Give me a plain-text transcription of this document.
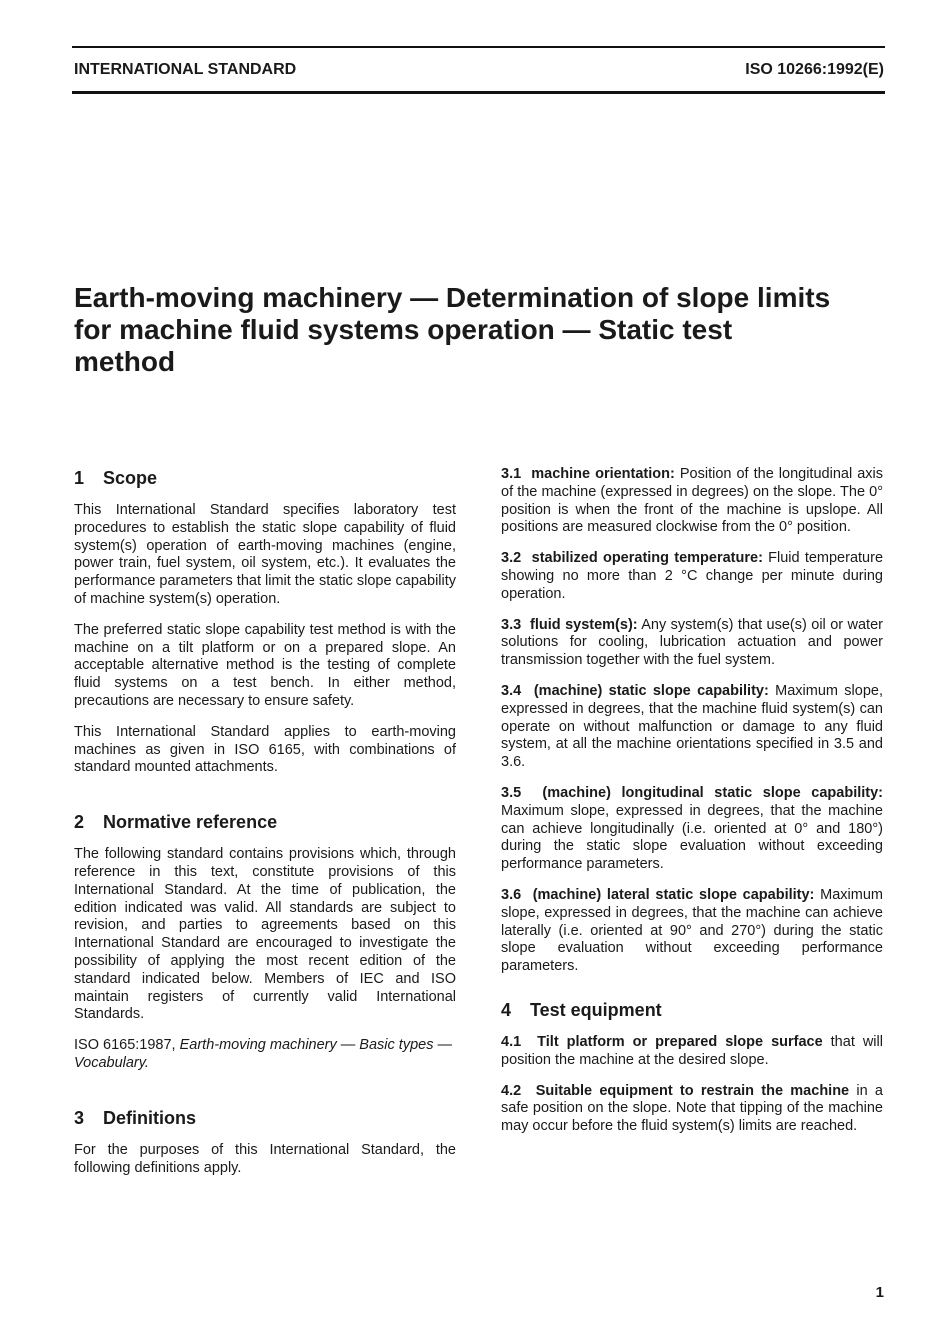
INTERNATIONAL STANDARD	ISO 10266:1992(E)
Earth-moving machinery — Determination of slope limits for machine fluid systems operation — Static test method
1 Scope

This International Standard specifies laboratory test procedures to establish the static slope capability of fluid system(s) operation of earth-moving machines (engine, power train, fuel system, oil system, etc.). It evaluates the performance parameters that limit the static slope capability of machine system(s) operation.

The preferred static slope capability test method is with the machine on a tilt platform or on a prepared slope. An acceptable alternative method is the testing of complete fluid systems on a test bench. In either method, precautions are necessary to ensure safety.

This International Standard applies to earth-moving machines as given in ISO 6165, with combinations of standard mounted attachments.

2 Normative reference

The following standard contains provisions which, through reference in this text, constitute provisions of this International Standard. At the time of publication, the edition indicated was valid. All standards are subject to revision, and parties to agreements based on this International Standard are encouraged to investigate the possibility of applying the most recent edition of the standard indicated below. Members of IEC and ISO maintain registers of currently valid International Standards.

ISO 6165:1987, Earth-moving machinery — Basic types — Vocabulary.

3 Definitions

For the purposes of this International Standard, the following definitions apply.

3.1 machine orientation: Position of the longitudinal axis of the machine (expressed in degrees) on the slope. The 0° position is when the front of the machine is upslope. All positions are measured clockwise from the 0° position.

3.2 stabilized operating temperature: Fluid temperature showing no more than 2 °C change per minute during operation.

3.3 fluid system(s): Any system(s) that use(s) oil or water solutions for cooling, lubrication actuation and power transmission together with the fuel system.

3.4 (machine) static slope capability: Maximum slope, expressed in degrees, that the machine fluid system(s) can operate on without malfunction or damage to any fluid system, at all the machine orientations specified in 3.5 and 3.6.

3.5 (machine) longitudinal static slope capability: Maximum slope, expressed in degrees, that the machine can achieve longitudinally (i.e. oriented at 0° and 180°) during the static slope evaluation without exceeding performance parameters.

3.6 (machine) lateral static slope capability: Maximum slope, expressed in degrees, that the machine can achieve laterally (i.e. oriented at 90° and 270°) during the static slope evaluation without exceeding performance parameters.

4 Test equipment

4.1 Tilt platform or prepared slope surface that will position the machine at the desired slope.

4.2 Suitable equipment to restrain the machine in a safe position on the slope. Note that tipping of the machine may occur before the fluid system(s) limits are reached.

1
